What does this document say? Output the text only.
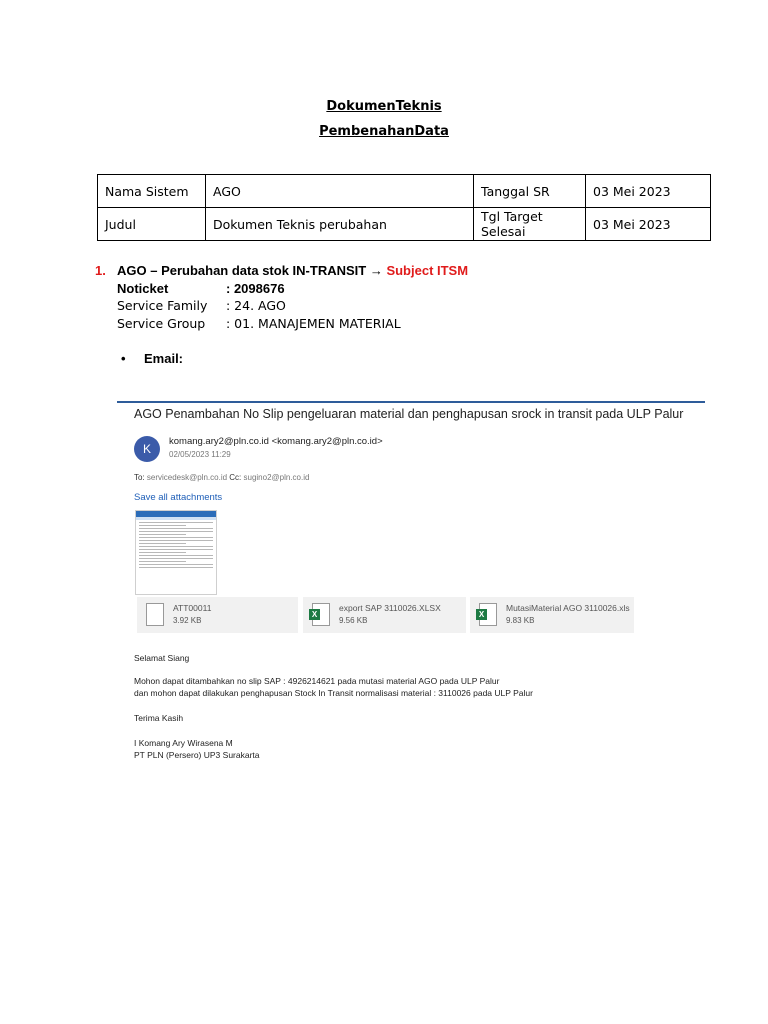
DokumenTeknis
PembenahanData
Nama Sistem	AGO	Tanggal SR	03 Mei 2023
Judul	Dokumen Teknis perubahan	Tgl Target Selesai	03 Mei 2023
1. AGO – Perubahan data stok IN-TRANSIT → Subject ITSM
Noticket	: 2098676
Service Family : 24. AGO
Service Group : 01. MANAJEMEN MATERIAL
• Email:
AGO Penambahan No Slip pengeluaran material dan penghapusan srock in transit pada ULP Palur
K
komang.ary2@pln.co.id <komang.ary2@pln.co.id>
02/05/2023 11:29
To: servicedesk@pln.co.id Cc: sugino2@pln.co.id
Save all attachments
ATT00011
3.92 KB
X
export SAP 3110026.XLSX
9.56 KB
X
MutasiMaterial AGO 3110026.xls
9.83 KB
Selamat Siang
Mohon dapat ditambahkan no slip SAP : 4926214621 pada mutasi material AGO pada ULP Palur
dan mohon dapat dilakukan penghapusan Stock In Transit normalisasi material : 3110026 pada ULP Palur
Terima Kasih
I Komang Ary Wirasena M
PT PLN (Persero) UP3 Surakarta
